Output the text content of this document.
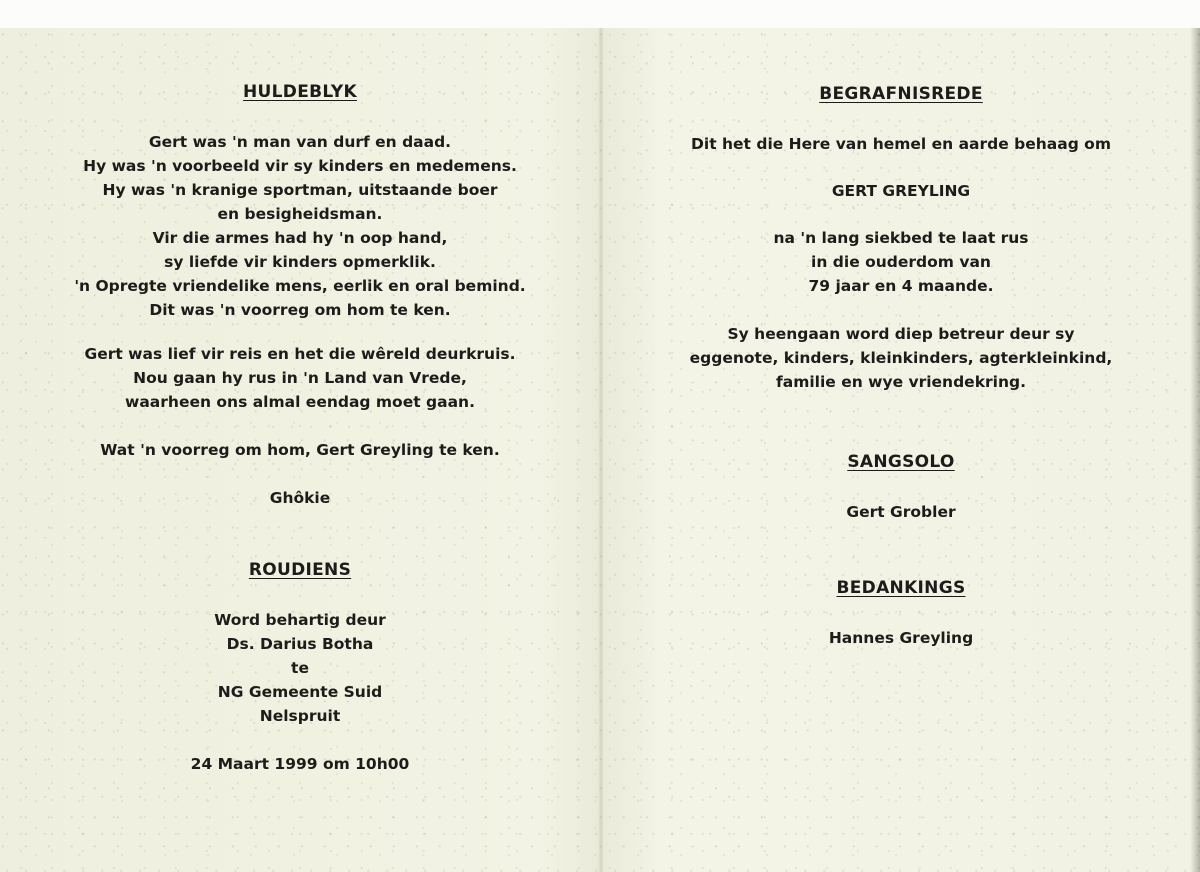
HULDEBLYK
Gert was 'n man van durf en daad.
Hy was 'n voorbeeld vir sy kinders en medemens.
Hy was 'n kranige sportman, uitstaande boer
en besigheidsman.
Vir die armes had hy 'n oop hand,
sy liefde vir kinders opmerklik.
'n Opregte vriendelike mens, eerlik en oral bemind.
Dit was 'n voorreg om hom te ken.
Gert was lief vir reis en het die wêreld deurkruis.
Nou gaan hy rus in 'n Land van Vrede,
waarheen ons almal eendag moet gaan.
Wat 'n voorreg om hom, Gert Greyling te ken.
Ghôkie
ROUDIENS
Word behartig deur
Ds. Darius Botha
te
NG Gemeente Suid
Nelspruit
24 Maart 1999 om 10h00
BEGRAFNISREDE
Dit het die Here van hemel en aarde behaag om
GERT GREYLING
na 'n lang siekbed te laat rus
in die ouderdom van
79 jaar en 4 maande.
Sy heengaan word diep betreur deur sy
eggenote, kinders, kleinkinders, agterkleinkind,
familie en wye vriendekring.
SANGSOLO
Gert Grobler
BEDANKINGS
Hannes Greyling
